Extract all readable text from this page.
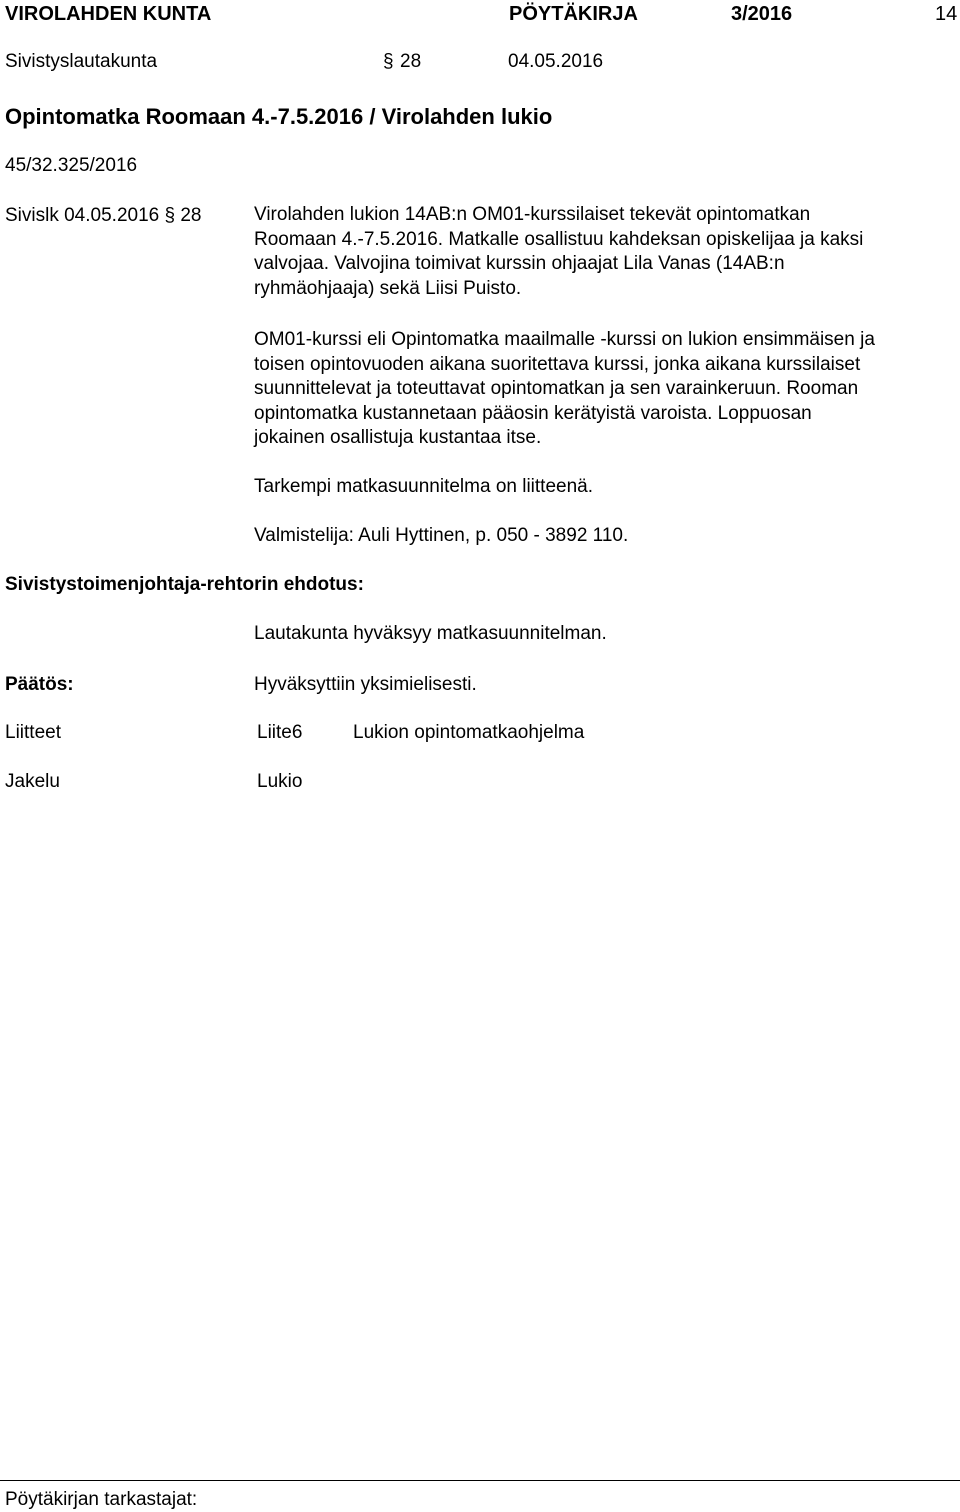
VIROLAHDEN KUNTA	PÖYTÄKIRJA	3/2016	14
Sivistyslautakunta	§ 28	04.05.2016
Opintomatka Roomaan 4.-7.5.2016 / Virolahden lukio
45/32.325/2016
Sivislk 04.05.2016 § 28	Virolahden lukion 14AB:n OM01-kurssilaiset tekevät opintomatkan
Roomaan 4.-7.5.2016. Matkalle osallistuu kahdeksan opiskelijaa ja kaksi
valvojaa. Valvojina toimivat kurssin ohjaajat Lila Vanas (14AB:n
ryhmäohjaaja) sekä Liisi Puisto.
OM01-kurssi eli Opintomatka maailmalle -kurssi on lukion ensimmäisen ja
toisen opintovuoden aikana suoritettava kurssi, jonka aikana kurssilaiset
suunnittelevat ja toteuttavat opintomatkan ja sen varainkeruun. Rooman
opintomatka kustannetaan pääosin kerätyistä varoista. Loppuosan
jokainen osallistuja kustantaa itse.
Tarkempi matkasuunnitelma on liitteenä.
Valmistelija: Auli Hyttinen, p. 050 - 3892 110.
Sivistystoimenjohtaja-rehtorin ehdotus:
Lautakunta hyväksyy matkasuunnitelman.
Päätös:	Hyväksyttiin yksimielisesti.
Liitteet	Liite6	Lukion opintomatkaohjelma
Jakelu	Lukio
Pöytäkirjan tarkastajat:
